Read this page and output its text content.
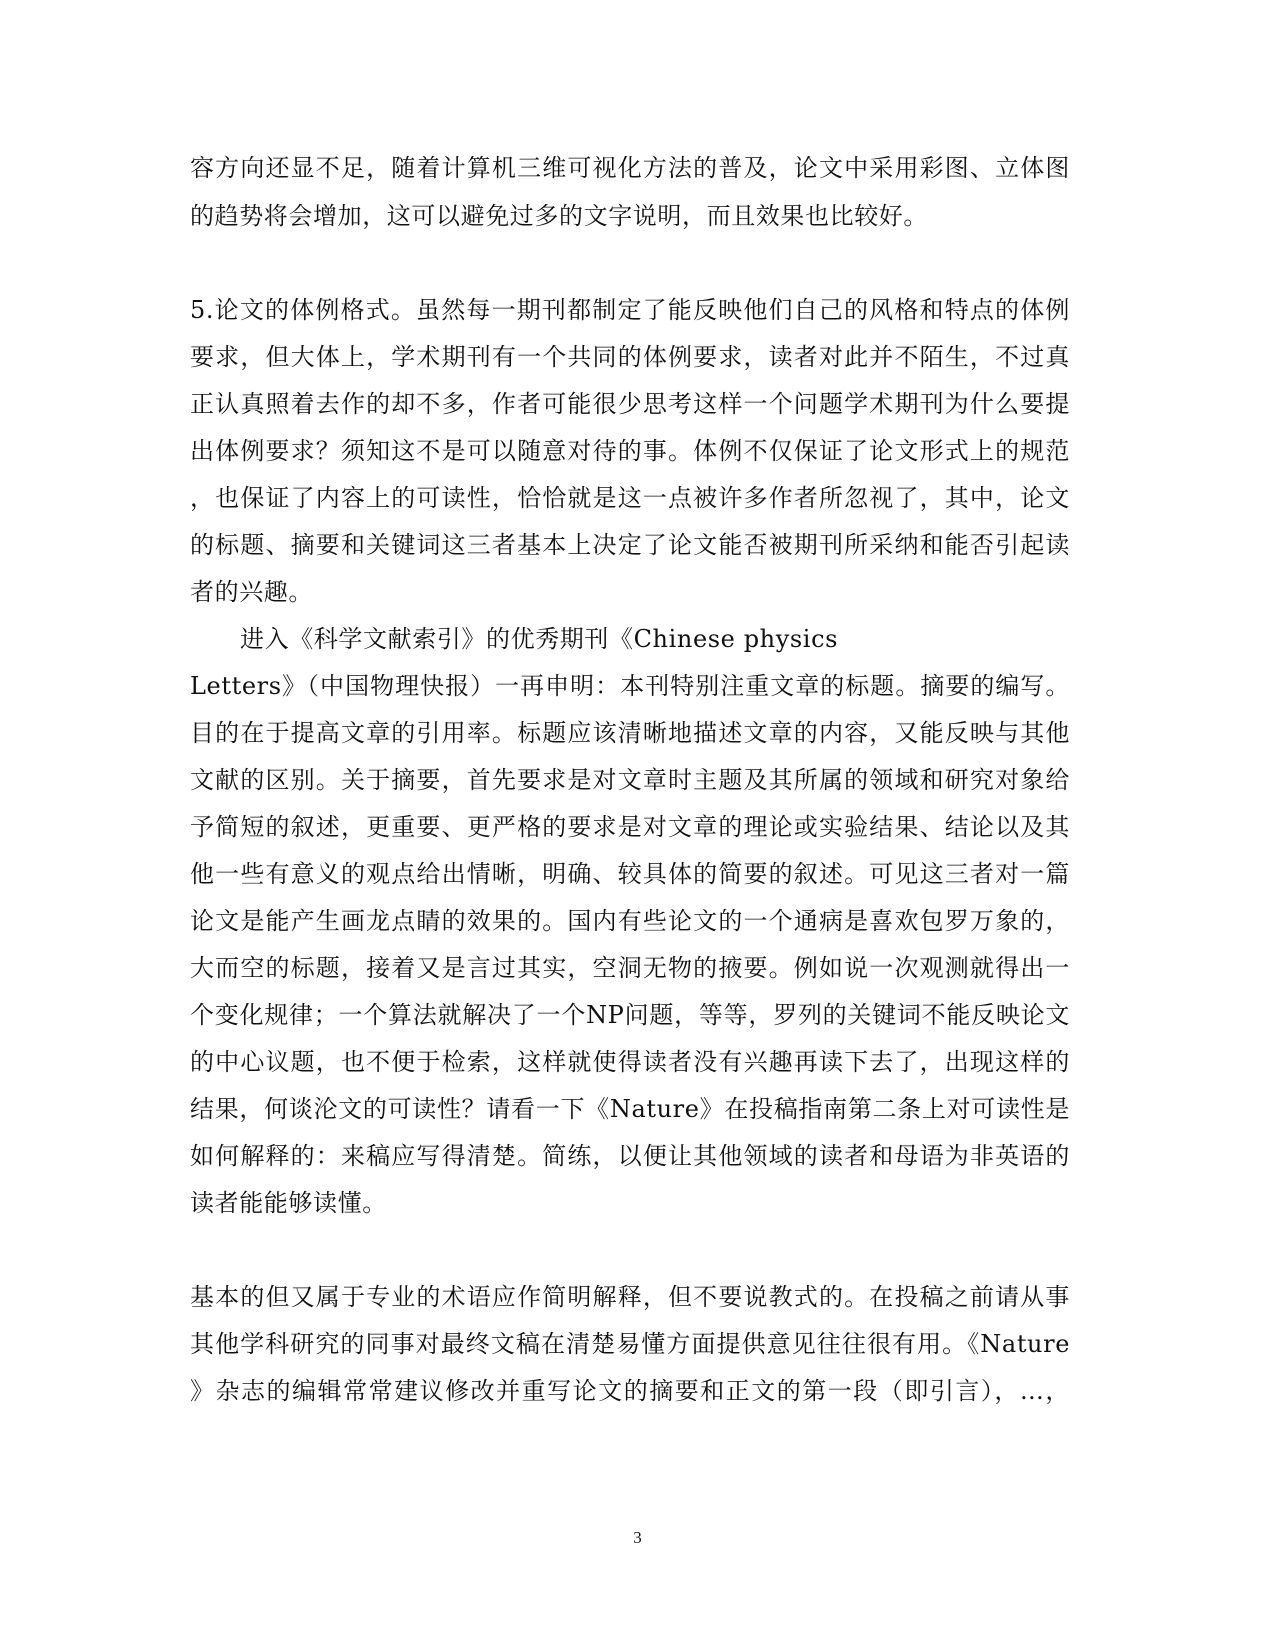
容方向还显不足，随着计算机三维可视化方法的普及，论文中采用彩图、立体图
的趋势将会增加，这可以避免过多的文字说明，而且效果也比较好。
5.论文的体例格式。虽然每一期刊都制定了能反映他们自己的风格和特点的体例
要求，但大体上，学术期刊有一个共同的体例要求，读者对此并不陌生，不过真
正认真照着去作的却不多，作者可能很少思考这样一个问题学术期刊为什么要提
出体例要求？须知这不是可以随意对待的事。体例不仅保证了论文形式上的规范
，也保证了内容上的可读性，恰恰就是这一点被许多作者所忽视了，其中，论文
的标题、摘要和关键词这三者基本上决定了论文能否被期刊所采纳和能否引起读
者的兴趣。
进入《科学文献索引》的优秀期刊《Chinese physics
Letters》（中国物理快报）一再申明：本刊特别注重文章的标题。摘要的编写。
目的在于提高文章的引用率。标题应该清晰地描述文章的内容，又能反映与其他
文献的区别。关于摘要，首先要求是对文章时主题及其所属的领域和研究对象给
予简短的叙述，更重要、更严格的要求是对文章的理论或实验结果、结论以及其
他一些有意义的观点给出情晰，明确、较具体的简要的叙述。可见这三者对一篇
论文是能产生画龙点睛的效果的。国内有些论文的一个通病是喜欢包罗万象的，
大而空的标题，接着又是言过其实，空洞无物的掖要。例如说一次观测就得出一
个变化规律；一个算法就解决了一个NP问题，等等，罗列的关键词不能反映论文
的中心议题，也不便于检索，这样就使得读者没有兴趣再读下去了，出现这样的
结果，何谈沦文的可读性？请看一下《Nature》在投稿指南第二条上对可读性是
如何解释的：来稿应写得清楚。简练，以便让其他领域的读者和母语为非英语的
读者能能够读懂。
基本的但又属于专业的术语应作简明解释，但不要说教式的。在投稿之前请从事
其他学科研究的同事对最终文稿在清楚易懂方面提供意见往往很有用。《Nature
》杂志的编辑常常建议修改并重写论文的摘要和正文的第一段（即引言），…，
3
